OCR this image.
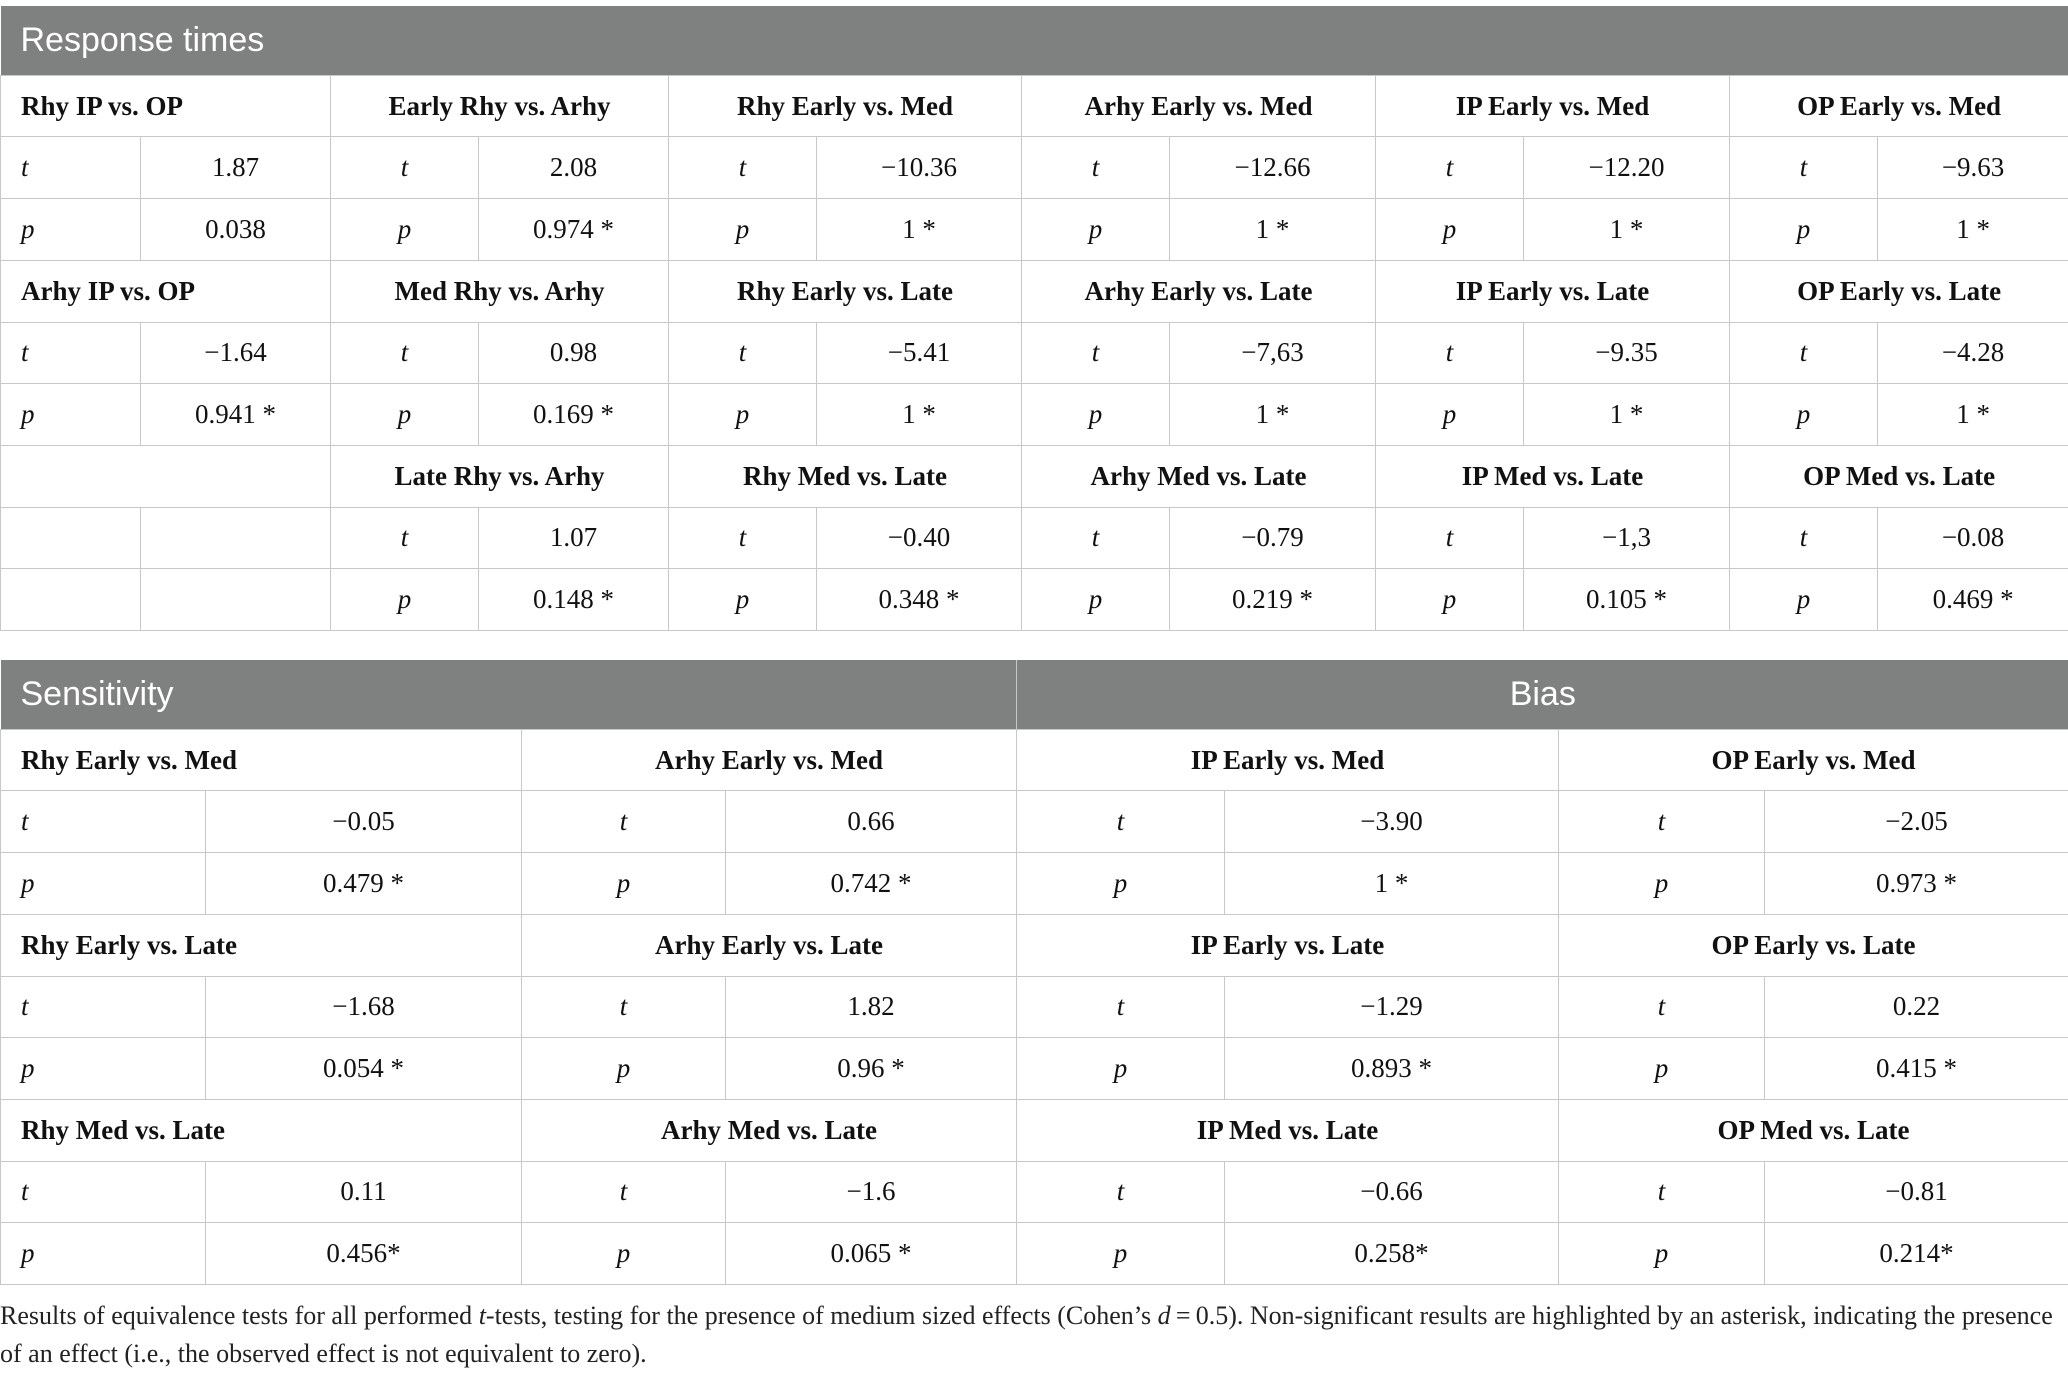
Response times											
Rhy IP vs. OP		Early Rhy vs. Arhy		Rhy Early vs. Med		Arhy Early vs. Med		IP Early vs. Med		OP Early vs. Med	
t	1.87	t	2.08	t	−10.36	t	−12.66	t	−12.20	t	−9.63
p	0.038	p	0.974 *	p	1 *	p	1 *	p	1 *	p	1 *
Arhy IP vs. OP		Med Rhy vs. Arhy		Rhy Early vs. Late		Arhy Early vs. Late		IP Early vs. Late		OP Early vs. Late	
t	−1.64	t	0.98	t	−5.41	t	−7,63	t	−9.35	t	−4.28
p	0.941 *	p	0.169 *	p	1 *	p	1 *	p	1 *	p	1 *
		Late Rhy vs. Arhy		Rhy Med vs. Late		Arhy Med vs. Late		IP Med vs. Late		OP Med vs. Late	
		t	1.07	t	−0.40	t	−0.79	t	−1,3	t	−0.08
		p	0.148 *	p	0.348 *	p	0.219 *	p	0.105 *	p	0.469 *
Sensitivity				Bias			
Rhy Early vs. Med		Arhy Early vs. Med		IP Early vs. Med		OP Early vs. Med	
t	−0.05	t	0.66	t	−3.90	t	−2.05
p	0.479 *	p	0.742 *	p	1 *	p	0.973 *
Rhy Early vs. Late		Arhy Early vs. Late		IP Early vs. Late		OP Early vs. Late	
t	−1.68	t	1.82	t	−1.29	t	0.22
p	0.054 *	p	0.96 *	p	0.893 *	p	0.415 *
Rhy Med vs. Late		Arhy Med vs. Late		IP Med vs. Late		OP Med vs. Late	
t	0.11	t	−1.6	t	−0.66	t	−0.81
p	0.456*	p	0.065 *	p	0.258*	p	0.214*
Results of equivalence tests for all performed t-tests, testing for the presence of medium sized effects (Cohen’s d = 0.5). Non-significant results are highlighted by an asterisk, indicating the presence of an effect (i.e., the observed effect is not equivalent to zero).
